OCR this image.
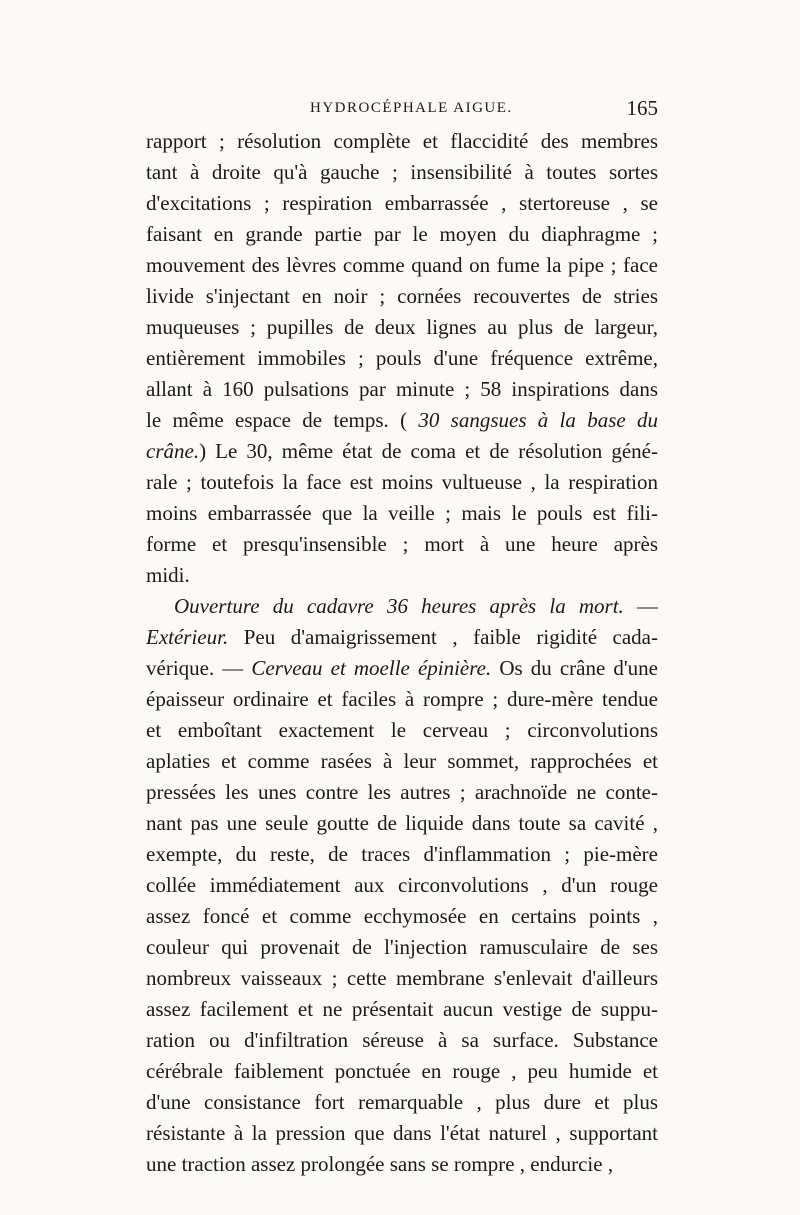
HYDROCÉPHALE AIGUE.	165
rapport ; résolution complète et flaccidité des membres
tant à droite qu'à gauche ; insensibilité à toutes sortes
d'excitations ; respiration embarrassée , stertoreuse , se
faisant en grande partie par le moyen du diaphragme ;
mouvement des lèvres comme quand on fume la pipe ; face
livide s'injectant en noir ; cornées recouvertes de stries
muqueuses ; pupilles de deux lignes au plus de largeur,
entièrement immobiles ; pouls d'une fréquence extrême,
allant à 160 pulsations par minute ; 58 inspirations dans
le même espace de temps. ( 30 sangsues à la base du
crâne.) Le 30, même état de coma et de résolution géné-
rale ; toutefois la face est moins vultueuse , la respiration
moins embarrassée que la veille ; mais le pouls est fili-
forme et presqu'insensible ; mort à une heure après
midi.
Ouverture du cadavre 36 heures après la mort. —
Extérieur. Peu d'amaigrissement , faible rigidité cada-
vérique. — Cerveau et moelle épinière. Os du crâne d'une
épaisseur ordinaire et faciles à rompre ; dure-mère tendue
et emboîtant exactement le cerveau ; circonvolutions
aplaties et comme rasées à leur sommet, rapprochées et
pressées les unes contre les autres ; arachnoïde ne conte-
nant pas une seule goutte de liquide dans toute sa cavité ,
exempte, du reste, de traces d'inflammation ; pie-mère
collée immédiatement aux circonvolutions , d'un rouge
assez foncé et comme ecchymosée en certains points ,
couleur qui provenait de l'injection ramusculaire de ses
nombreux vaisseaux ; cette membrane s'enlevait d'ailleurs
assez facilement et ne présentait aucun vestige de suppu-
ration ou d'infiltration séreuse à sa surface. Substance
cérébrale faiblement ponctuée en rouge , peu humide et
d'une consistance fort remarquable , plus dure et plus
résistante à la pression que dans l'état naturel , supportant
une traction assez prolongée sans se rompre , endurcie ,
